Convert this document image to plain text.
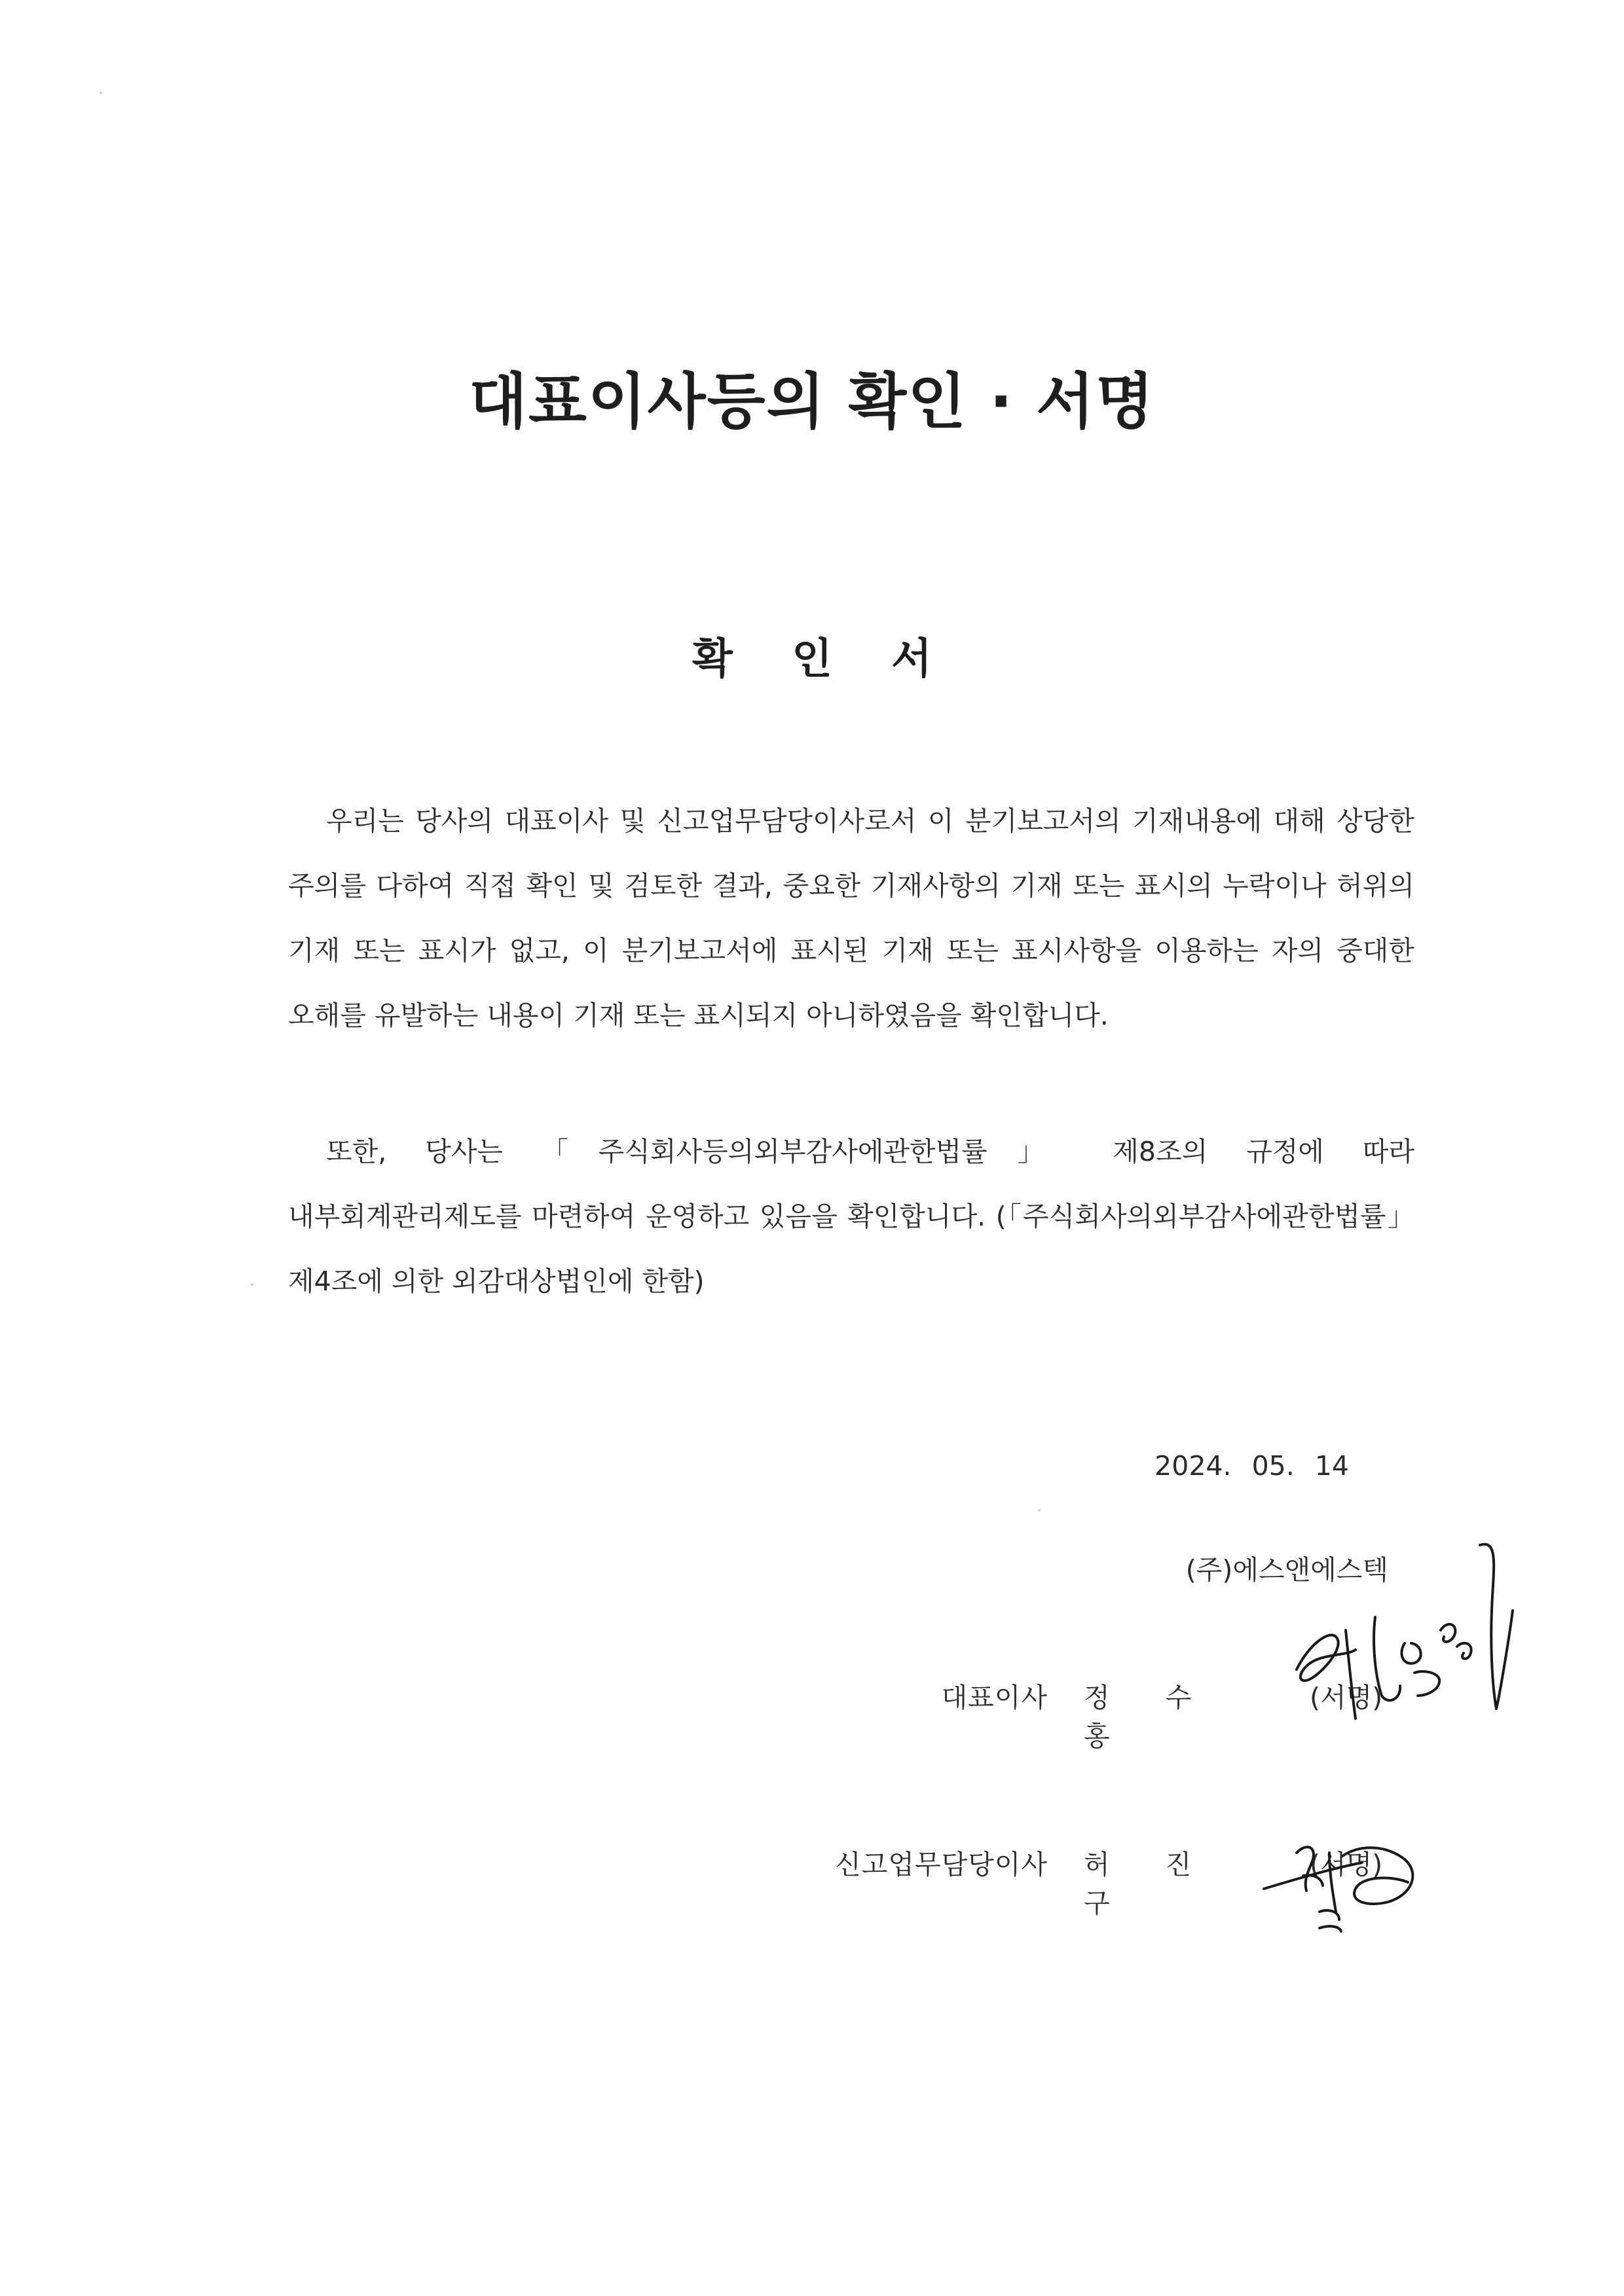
대표이사등의 확인 · 서명
확 인 서
우리는 당사의 대표이사 및 신고업무담당이사로서 이 분기보고서의 기재내용에 대해 상당한 주의를 다하여 직접 확인 및 검토한 결과, 중요한 기재사항의 기재 또는 표시의 누락이나 허위의 기재 또는 표시가 없고, 이 분기보고서에 표시된 기재 또는 표시사항을 이용하는 자의 중대한 오해를 유발하는 내용이 기재 또는 표시되지 아니하였음을 확인합니다.
또한, 당사는 「주식회사등의외부감사에관한법률」 제8조의 규정에 따라 내부회계관리제도를 마련하여 운영하고 있음을 확인합니다. (「주식회사의외부감사에관한법률」 제4조에 의한 외감대상법인에 한함)
2024. 05. 14
(주)에스앤에스텍
대표이사 정 수 홍
(서명)
신고업무담당이사 허 진 구
(서명)
